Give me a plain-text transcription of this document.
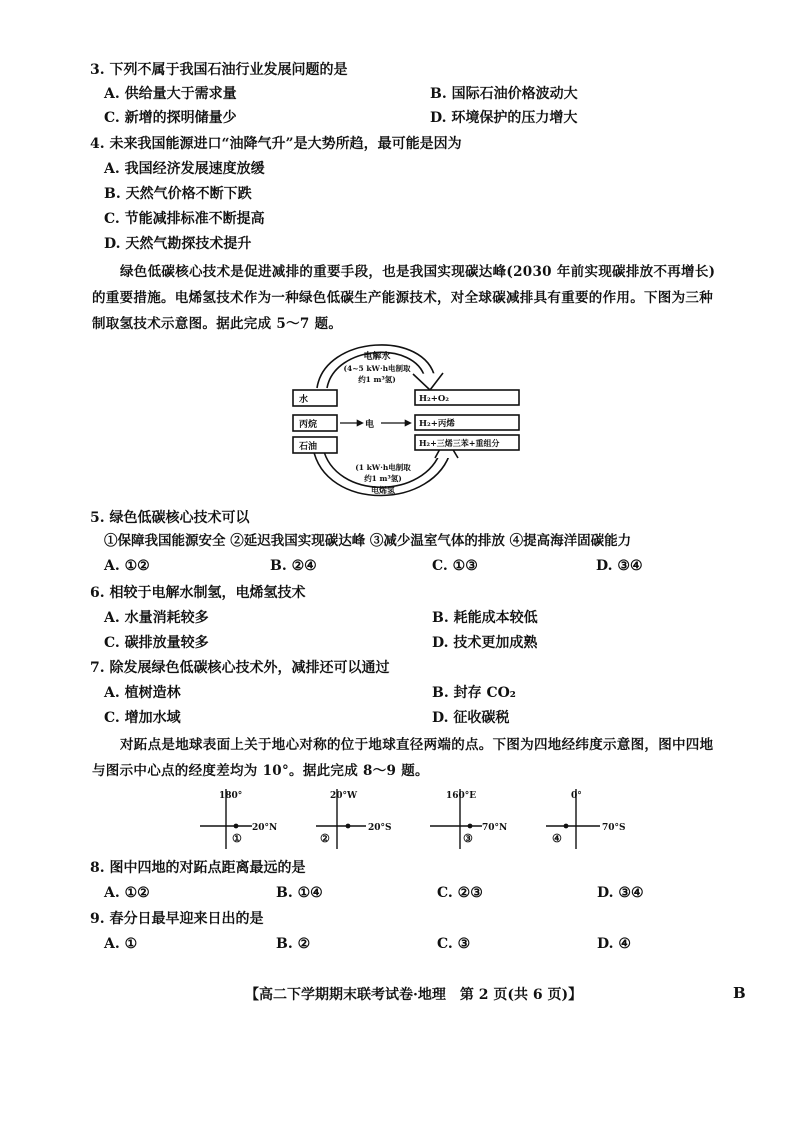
3. 下列不属于我国石油行业发展问题的是
A. 供给量大于需求量	B. 国际石油价格波动大
C. 新增的探明储量少	D. 环境保护的压力增大
4. 未来我国能源进口“油降气升”是大势所趋，最可能是因为
A. 我国经济发展速度放缓
B. 天然气价格不断下跌
C. 节能减排标准不断提高
D. 天然气勘探技术提升
绿色低碳核心技术是促进减排的重要手段，也是我国实现碳达峰(2030 年前实现碳排放不再增长)
的重要措施。电烯氢技术作为一种绿色低碳生产能源技术，对全球碳减排具有重要的作用。下图为三种
制取氢技术示意图。据此完成 5～7 题。
电解水
(4~5 kW·h电制取
约1 m³氢)
水
丙烷
石油
电
H₂+O₂
H₂+丙烯
H₂+三烯三苯+重组分
(1 kW·h电制取
约1 m³氢)
电烯氢
5. 绿色低碳核心技术可以
①保障我国能源安全 ②延迟我国实现碳达峰 ③减少温室气体的排放 ④提高海洋固碳能力
A. ①②	B. ②④	C. ①③	D. ③④
6. 相较于电解水制氢，电烯氢技术
A. 水量消耗较多	B. 耗能成本较低
C. 碳排放量较多	D. 技术更加成熟
7. 除发展绿色低碳核心技术外，减排还可以通过
A. 植树造林	B. 封存 CO₂
C. 增加水域	D. 征收碳税
对跖点是地球表面上关于地心对称的位于地球直径两端的点。下图为四地经纬度示意图，图中四地
与图示中心点的经度差均为 10°。据此完成 8～9 题。
180°
20°N
①
20°W
20°S
②
160°E
70°N
③
0°
70°S
④
8. 图中四地的对跖点距离最远的是
A. ①②	B. ①④	C. ②③	D. ③④
9. 春分日最早迎来日出的是
A. ①	B. ②	C. ③	D. ④
【高二下学期期末联考试卷·地理　第 2 页(共 6 页)】	B
